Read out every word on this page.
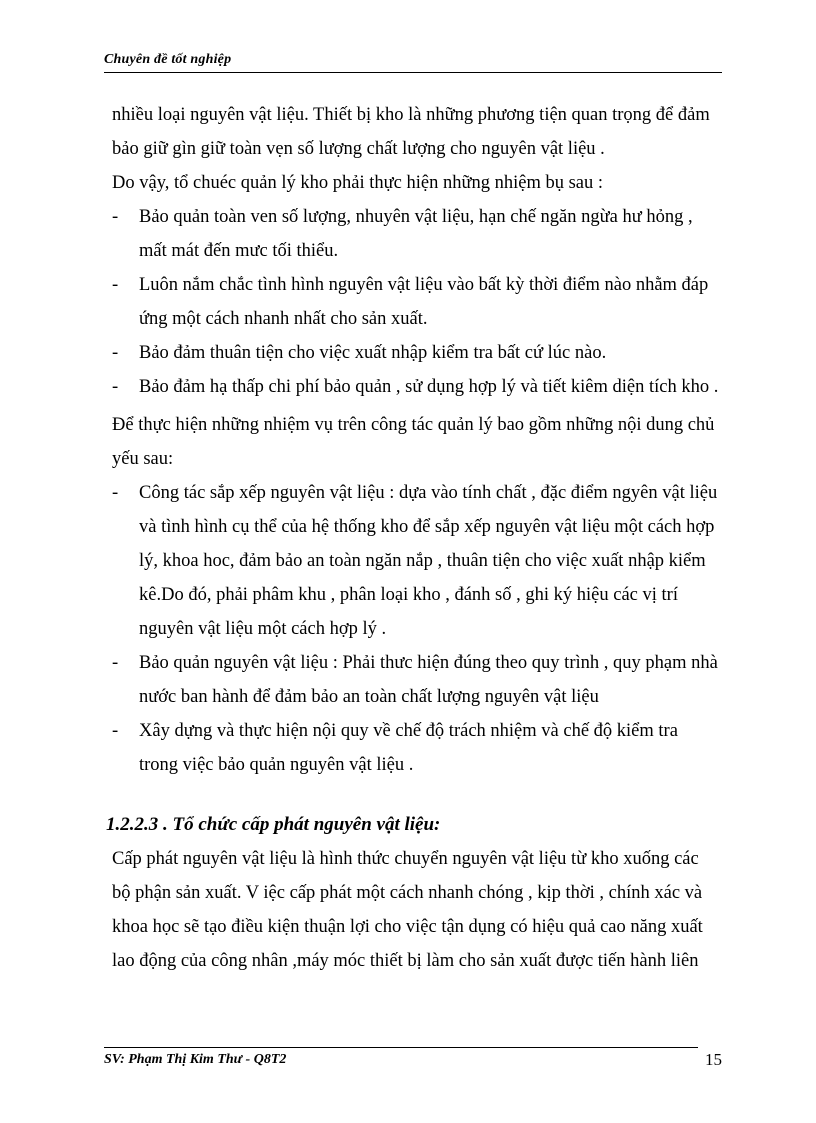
Chuyên đề tốt nghiệp

nhiều loại nguyên vật liệu. Thiết bị kho là những phương tiện quan trọng để đảm

bảo giữ gìn giữ toàn vẹn số lượng chất lượng cho nguyên vật liệu .

Do vậy, tổ chuéc quản lý kho phải thực hiện những nhiệm bụ sau :

-	Bảo quản toàn ven số lượng, nhuyên vật liệu, hạn chế ngăn ngừa hư hỏng , mất mát đến mưc tối thiểu.
-	Luôn nắm chắc tình hình nguyên vật liệu vào bất kỳ thời điểm nào nhằm đáp ứng một cách nhanh nhất cho sản xuất.
-	Bảo đảm thuân tiện cho việc xuất nhập kiểm tra bất cứ lúc nào.
-	Bảo đảm hạ thấp chi phí bảo quản , sử dụng hợp lý và tiết kiêm diện tích kho .

Để thực hiện những nhiệm vụ trên công tác quản lý bao gồm những nội dung chủ yếu sau:

-	Công tác sắp xếp nguyên vật liệu : dựa vào tính chất , đặc điểm ngyên vật liệu và tình hình cụ thể của hệ thống kho để sắp xếp nguyên vật liệu một cách hợp lý, khoa hoc, đảm bảo an toàn ngăn nắp , thuân tiện cho việc xuất nhập kiểm kê.Do đó, phải phâm khu , phân loại kho , đánh số , ghi ký hiệu các vị trí nguyên vật liệu một cách hợp lý .
-	Bảo quản nguyên vật liệu : Phải thưc hiện đúng theo quy trình , quy phạm nhà nước ban hành để đảm bảo an toàn chất lượng nguyên vật liệu
-	Xây dựng và thực hiện nội quy về chế độ trách nhiệm và chế độ kiểm tra trong việc bảo quản nguyên vật liệu .

1.2.2.3 . Tổ chức cấp phát nguyên vật liệu:

Cấp phát nguyên vật liệu là hình thức chuyển nguyên vật liệu từ kho xuống các bộ phận sản xuất. V iệc cấp phát một cách nhanh chóng , kịp thời , chính xác và khoa học sẽ tạo điều kiện thuận lợi cho việc tận dụng có hiệu quả cao năng xuất lao động của công nhân ,máy móc thiết bị làm cho sản xuất được tiến hành liên

SV: Phạm Thị Kim Thư - Q8T2	15
